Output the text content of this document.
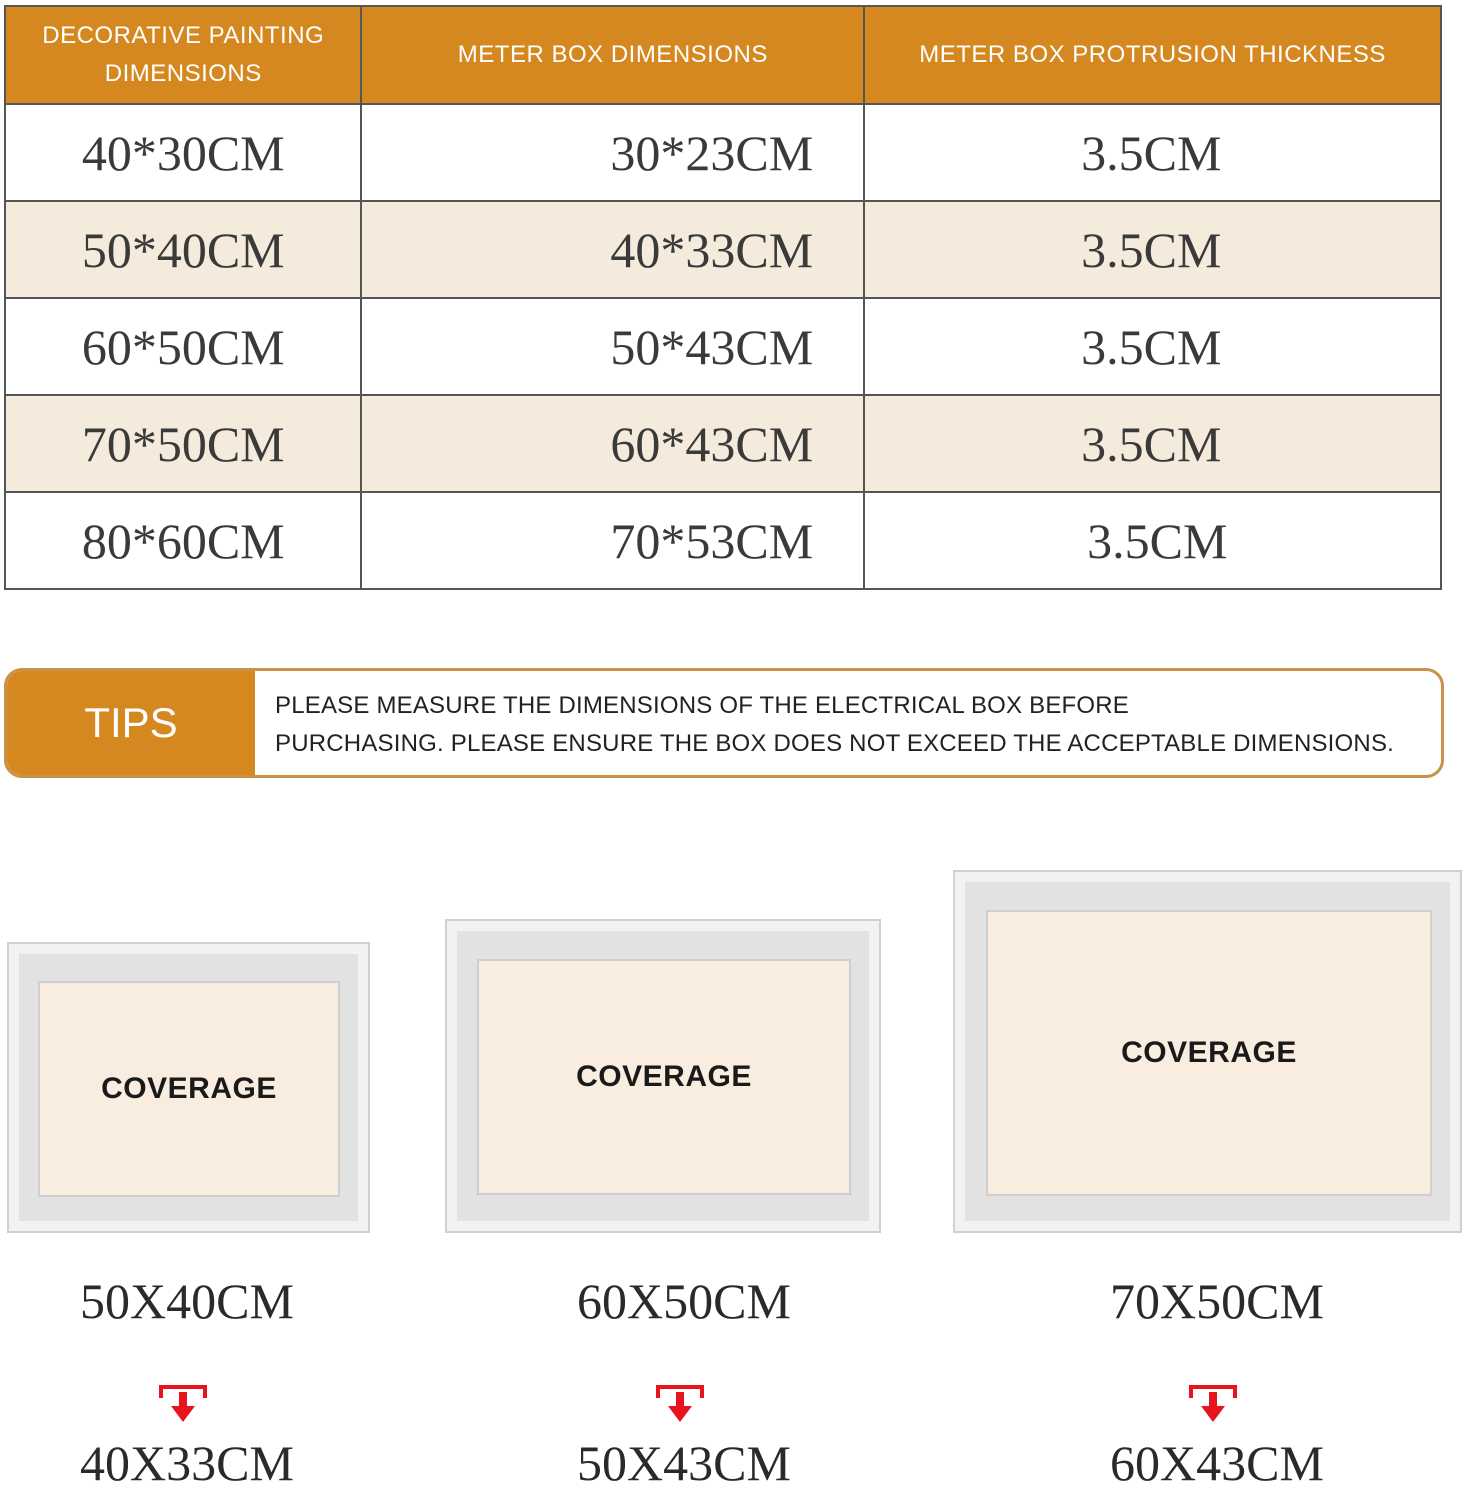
DECORATIVE PAINTING
DIMENSIONS	METER BOX DIMENSIONS	METER BOX PROTRUSION THICKNESS
40*30CM	30*23CM	3.5CM
50*40CM	40*33CM	3.5CM
60*50CM	50*43CM	3.5CM
70*50CM	60*43CM	3.5CM
80*60CM	70*53CM	3.5CM
TIPS	PLEASE MEASURE THE DIMENSIONS OF THE ELECTRICAL BOX BEFORE
PURCHASING. PLEASE ENSURE THE BOX DOES NOT EXCEED THE ACCEPTABLE DIMENSIONS.
COVERAGE
50X40CM
40X33CM
COVERAGE
60X50CM
50X43CM
COVERAGE
70X50CM
60X43CM
